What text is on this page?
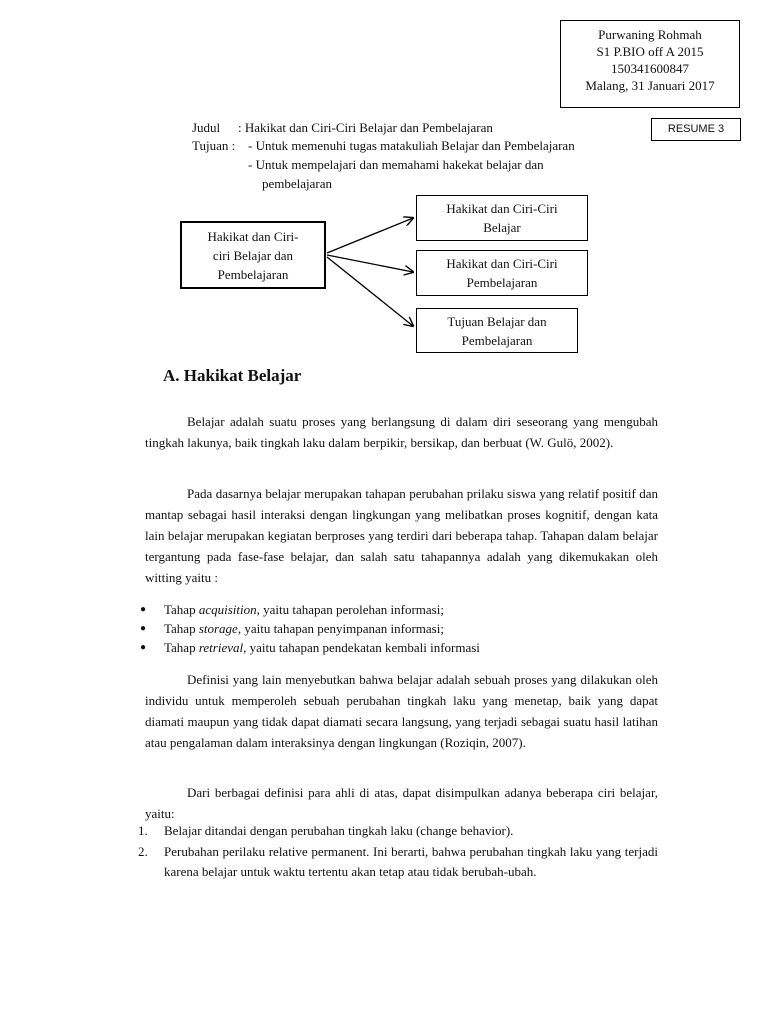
Purwaning Rohmah
S1 P.BIO off A 2015
150341600847
Malang, 31 Januari 2017
RESUME 3
Judul : Hakikat dan Ciri-Ciri Belajar dan Pembelajaran
Tujuan : - Untuk memenuhi tugas matakuliah Belajar dan Pembelajaran
- Untuk mempelajari dan memahami hakekat belajar dan
pembelajaran
Hakikat dan Ciri-
ciri Belajar dan
Pembelajaran
Hakikat dan Ciri-Ciri
Belajar
Hakikat dan Ciri-Ciri
Pembelajaran
Tujuan Belajar dan
Pembelajaran
A. Hakikat Belajar

Belajar adalah suatu proses yang berlangsung di dalam diri seseorang yang mengubah tingkah lakunya, baik tingkah laku dalam berpikir, bersikap, dan berbuat (W. Gulö, 2002).

Pada dasarnya belajar merupakan tahapan perubahan prilaku siswa yang relatif positif dan mantap sebagai hasil interaksi dengan lingkungan yang melibatkan proses kognitif, dengan kata lain belajar merupakan kegiatan berproses yang terdiri dari beberapa tahap. Tahapan dalam belajar tergantung pada fase-fase belajar, dan salah satu tahapannya adalah yang dikemukakan oleh witting yaitu :

● Tahap acquisition, yaitu tahapan perolehan informasi;
● Tahap storage, yaitu tahapan penyimpanan informasi;
● Tahap retrieval, yaitu tahapan pendekatan kembali informasi

Definisi yang lain menyebutkan bahwa belajar adalah sebuah proses yang dilakukan oleh individu untuk memperoleh sebuah perubahan tingkah laku yang menetap, baik yang dapat diamati maupun yang tidak dapat diamati secara langsung, yang terjadi sebagai suatu hasil latihan atau pengalaman dalam interaksinya dengan lingkungan (Roziqin, 2007).

Dari berbagai definisi para ahli di atas, dapat disimpulkan adanya beberapa ciri belajar, yaitu:

1. Belajar ditandai dengan perubahan tingkah laku (change behavior).
2. Perubahan perilaku relative permanent. Ini berarti, bahwa perubahan tingkah laku yang terjadi karena belajar untuk waktu tertentu akan tetap atau tidak berubah-ubah.
